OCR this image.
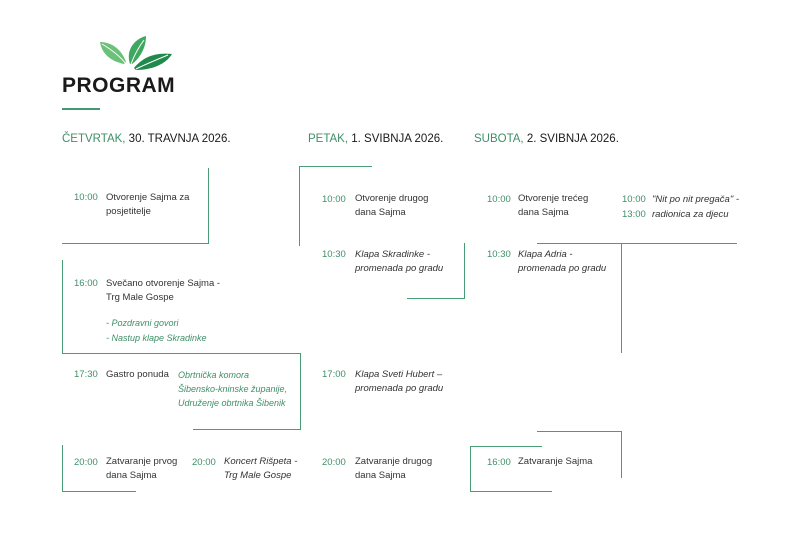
PROGRAM
ČETVRTAK, 30. TRAVNJA 2026.	PETAK, 1. SVIBNJA 2026.	SUBOTA, 2. SVIBNJA 2026.
10:00 Otvorenje Sajma za posjetitelje
16:00 Svečano otvorenje Sajma - Trg Male Gospe
- Pozdravni govori
- Nastup klape Skradinke
17:30 Gastro ponuda Obrtnička komora Šibensko-kninske županije, Udruženje obrtnika Šibenik
20:00 Zatvaranje prvog dana Sajma
20:00 Koncert Rišpeta - Trg Male Gospe
10:00 Otvorenje drugog dana Sajma
10:30 Klapa Skradinke - promenada po gradu
17:00 Klapa Sveti Hubert – promenada po gradu
20:00 Zatvaranje drugog dana Sajma
10:00 Otvorenje trećeg dana Sajma
10:30 Klapa Adria - promenada po gradu
16:00 Zatvaranje Sajma
10:00 "Nit po nit pregača" -
13:00 radionica za djecu
